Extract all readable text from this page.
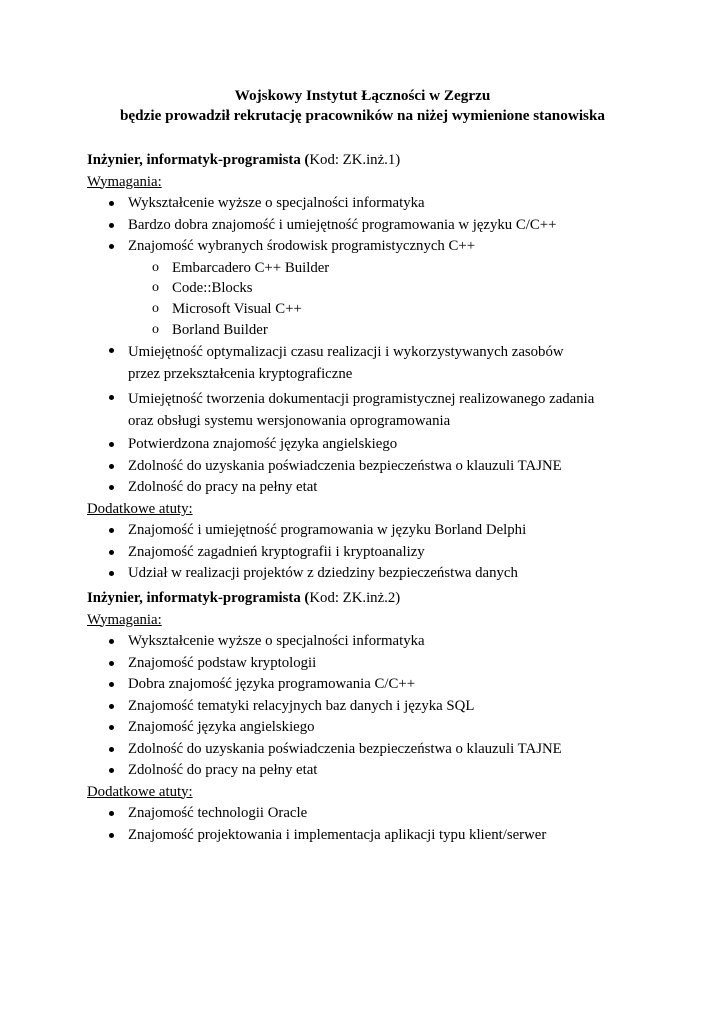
Wojskowy Instytut Łączności w Zegrzu
będzie prowadził rekrutację pracowników na niżej wymienione stanowiska
Inżynier, informatyk-programista (Kod: ZK.inż.1)
Wymagania:
Wykształcenie wyższe o specjalności informatyka
Bardzo dobra znajomość i umiejętność programowania w języku C/C++
Znajomość wybranych środowisk programistycznych C++
o Embarcadero C++ Builder
o Code::Blocks
o Microsoft Visual C++
o Borland Builder
Umiejętność optymalizacji czasu realizacji i wykorzystywanych zasobów przez przekształcenia kryptograficzne
Umiejętność tworzenia dokumentacji programistycznej realizowanego zadania oraz obsługi systemu wersjonowania oprogramowania
Potwierdzona znajomość języka angielskiego
Zdolność do uzyskania poświadczenia bezpieczeństwa o klauzuli TAJNE
Zdolność do pracy na pełny etat
Dodatkowe atuty:
Znajomość i umiejętność programowania w języku Borland Delphi
Znajomość zagadnień kryptografii i kryptoanalizy
Udział w realizacji projektów z dziedziny bezpieczeństwa danych
Inżynier, informatyk-programista (Kod: ZK.inż.2)
Wymagania:
Wykształcenie wyższe o specjalności informatyka
Znajomość podstaw kryptologii
Dobra znajomość języka programowania C/C++
Znajomość tematyki relacyjnych baz danych i języka SQL
Znajomość języka angielskiego
Zdolność do uzyskania poświadczenia bezpieczeństwa o klauzuli TAJNE
Zdolność do pracy na pełny etat
Dodatkowe atuty:
Znajomość technologii Oracle
Znajomość projektowania i implementacja aplikacji typu klient/serwer
